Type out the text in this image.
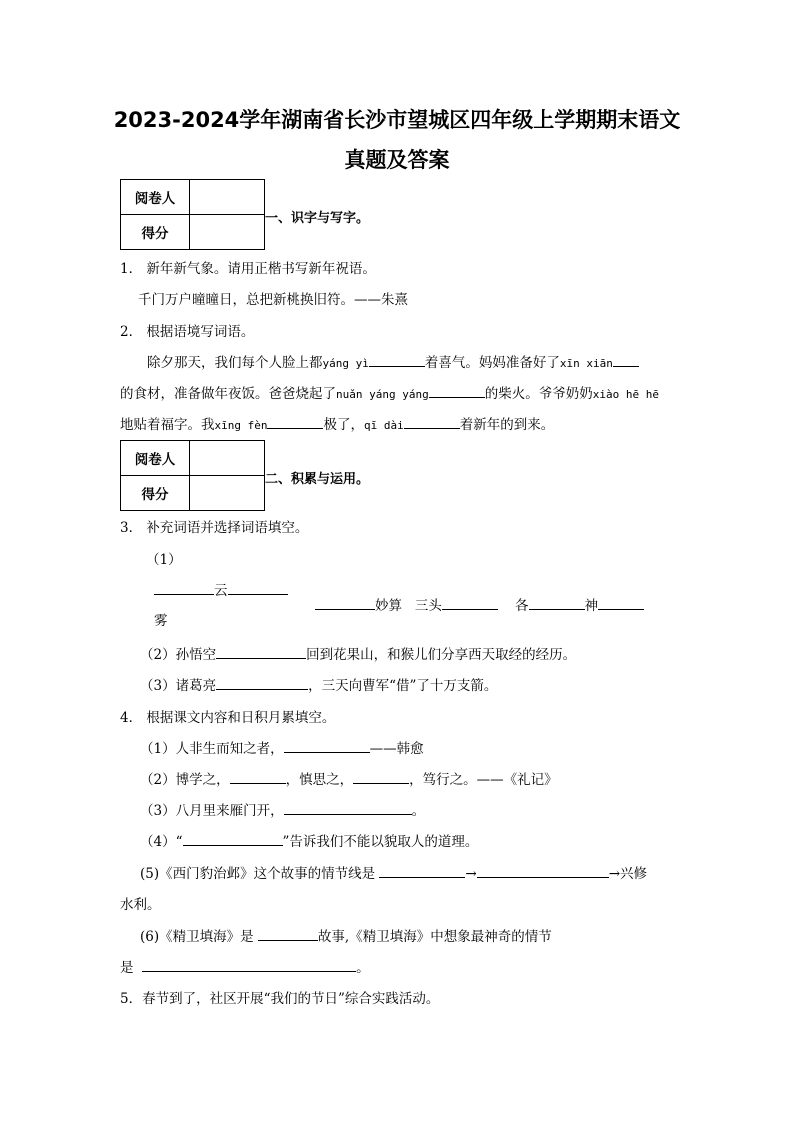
2023-2024学年湖南省长沙市望城区四年级上学期期末语文
真题及答案
阅卷人	
得分	
一、识字与写字。
1． 新年新气象。请用正楷书写新年祝语。
千门万户曈曈日，总把新桃换旧符。——朱熹
2． 根据语境写词语。
除夕那天，我们每个人脸上都yáng yì	着喜气。妈妈准备好了xīn xiān
的食材，准备做年夜饭。爸爸烧起了nuǎn yáng yáng	的柴火。爷爷奶奶xiào hē hē
地贴着福字。我xīng fèn	极了，qī dài	着新年的到来。
阅卷人	
得分	
二、积累与运用。
3． 补充词语并选择词语填空。
（1）
云
雾
妙算 三头	各	神
（2）孙悟空	回到花果山，和猴儿们分享西天取经的经历。
（3）诸葛亮	，三天向曹军“借”了十万支箭。
4． 根据课文内容和日积月累填空。
（1）人非生而知之者，	——韩愈
（2）博学之，	，慎思之，	，笃行之。——《礼记》
（3）八月里来雁门开，	。
（4）“	”告诉我们不能以貌取人的道理。
(5)《西门豹治邺》这个故事的情节线是	→	→兴修
水利。
(6)《精卫填海》是	故事,《精卫填海》中想象最神奇的情节
是	。
5．春节到了，社区开展“我们的节日”综合实践活动。
